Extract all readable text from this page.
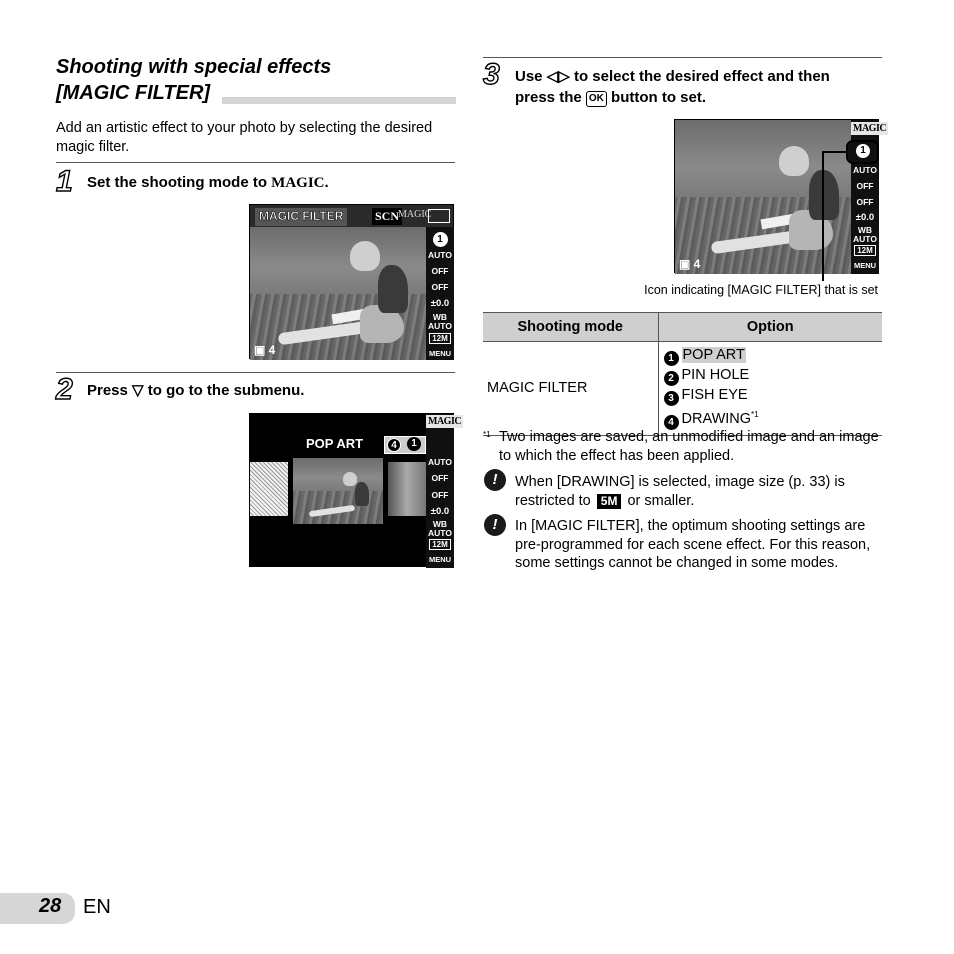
Shooting with special effects
[MAGIC FILTER]
Add an artistic effect to your photo by selecting the desired magic filter.
1 Set the shooting mode to MAGIC.
MAGIC FILTER	SCN
MAGIC
1
AUTO
OFF
OFF
±0.0
WB AUTO
12M
MENU
▣ 4
2 Press ▽ to go to the submenu.
POP ART	4	1
MAGIC
AUTO
OFF
OFF
±0.0
WB AUTO
12M
MENU
3 Use ◁▷ to select the desired effect and then
press the OK button to set.
MAGIC
AUTO
OFF
OFF
±0.0
WB AUTO
12M
MENU
▣ 4
1
Icon indicating [MAGIC FILTER] that is set
Shooting mode	Option
MAGIC FILTER	1 POP ART
2 PIN HOLE
3 FISH EYE
4 DRAWING$^{*1}$
*1 Two images are saved, an unmodified image and an image to which the effect has been applied.
!	When [DRAWING] is selected, image size (p. 33) is restricted to 5M or smaller.
!	In [MAGIC FILTER], the optimum shooting settings are pre-programmed for each scene effect. For this reason, some settings cannot be changed in some modes.
28 EN
